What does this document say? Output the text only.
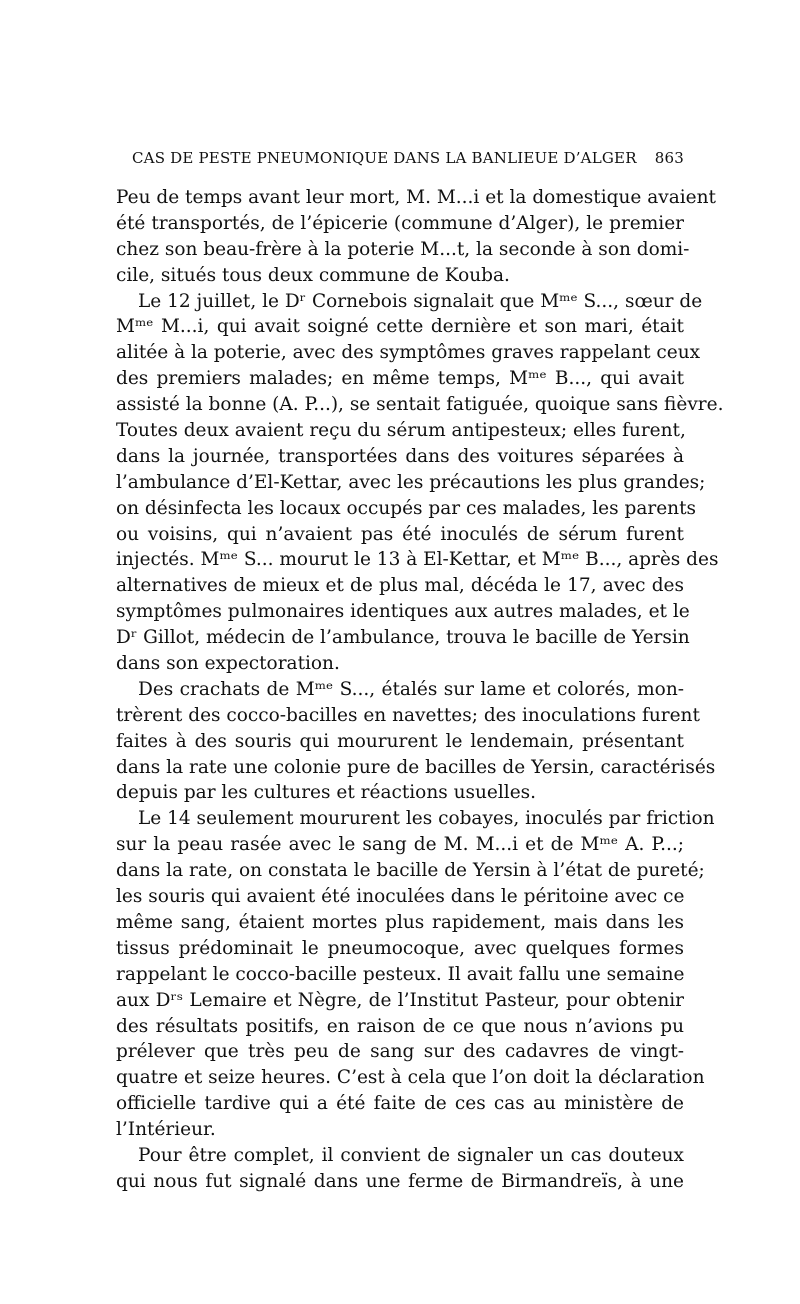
CAS DE PESTE PNEUMONIQUE DANS LA BANLIEUE D’ALGER 863
Peu de temps avant leur mort, M. M...i et la domestique avaient
été transportés, de l’épicerie (commune d’Alger), le premier
chez son beau-frère à la poterie M...t, la seconde à son domi-
cile, situés tous deux commune de Kouba.
Le 12 juillet, le Dʳ Cornebois signalait que Mᵐᵉ S..., sœur de
Mᵐᵉ M...i, qui avait soigné cette dernière et son mari, était
alitée à la poterie, avec des symptômes graves rappelant ceux
des premiers malades; en même temps, Mᵐᵉ B..., qui avait
assisté la bonne (A. P...), se sentait fatiguée, quoique sans fièvre.
Toutes deux avaient reçu du sérum antipesteux; elles furent,
dans la journée, transportées dans des voitures séparées à
l’ambulance d’El-Kettar, avec les précautions les plus grandes;
on désinfecta les locaux occupés par ces malades, les parents
ou voisins, qui n’avaient pas été inoculés de sérum furent
injectés. Mᵐᵉ S... mourut le 13 à El-Kettar, et Mᵐᵉ B..., après des
alternatives de mieux et de plus mal, décéda le 17, avec des
symptômes pulmonaires identiques aux autres malades, et le
Dʳ Gillot, médecin de l’ambulance, trouva le bacille de Yersin
dans son expectoration.
Des crachats de Mᵐᵉ S..., étalés sur lame et colorés, mon-
trèrent des cocco-bacilles en navettes; des inoculations furent
faites à des souris qui moururent le lendemain, présentant
dans la rate une colonie pure de bacilles de Yersin, caractérisés
depuis par les cultures et réactions usuelles.
Le 14 seulement moururent les cobayes, inoculés par friction
sur la peau rasée avec le sang de M. M...i et de Mᵐᵉ A. P...;
dans la rate, on constata le bacille de Yersin à l’état de pureté;
les souris qui avaient été inoculées dans le péritoine avec ce
même sang, étaient mortes plus rapidement, mais dans les
tissus prédominait le pneumocoque, avec quelques formes
rappelant le cocco-bacille pesteux. Il avait fallu une semaine
aux Dʳˢ Lemaire et Nègre, de l’Institut Pasteur, pour obtenir
des résultats positifs, en raison de ce que nous n’avions pu
prélever que très peu de sang sur des cadavres de vingt-
quatre et seize heures. C’est à cela que l’on doit la déclaration
officielle tardive qui a été faite de ces cas au ministère de
l’Intérieur.
Pour être complet, il convient de signaler un cas douteux
qui nous fut signalé dans une ferme de Birmandreïs, à une
